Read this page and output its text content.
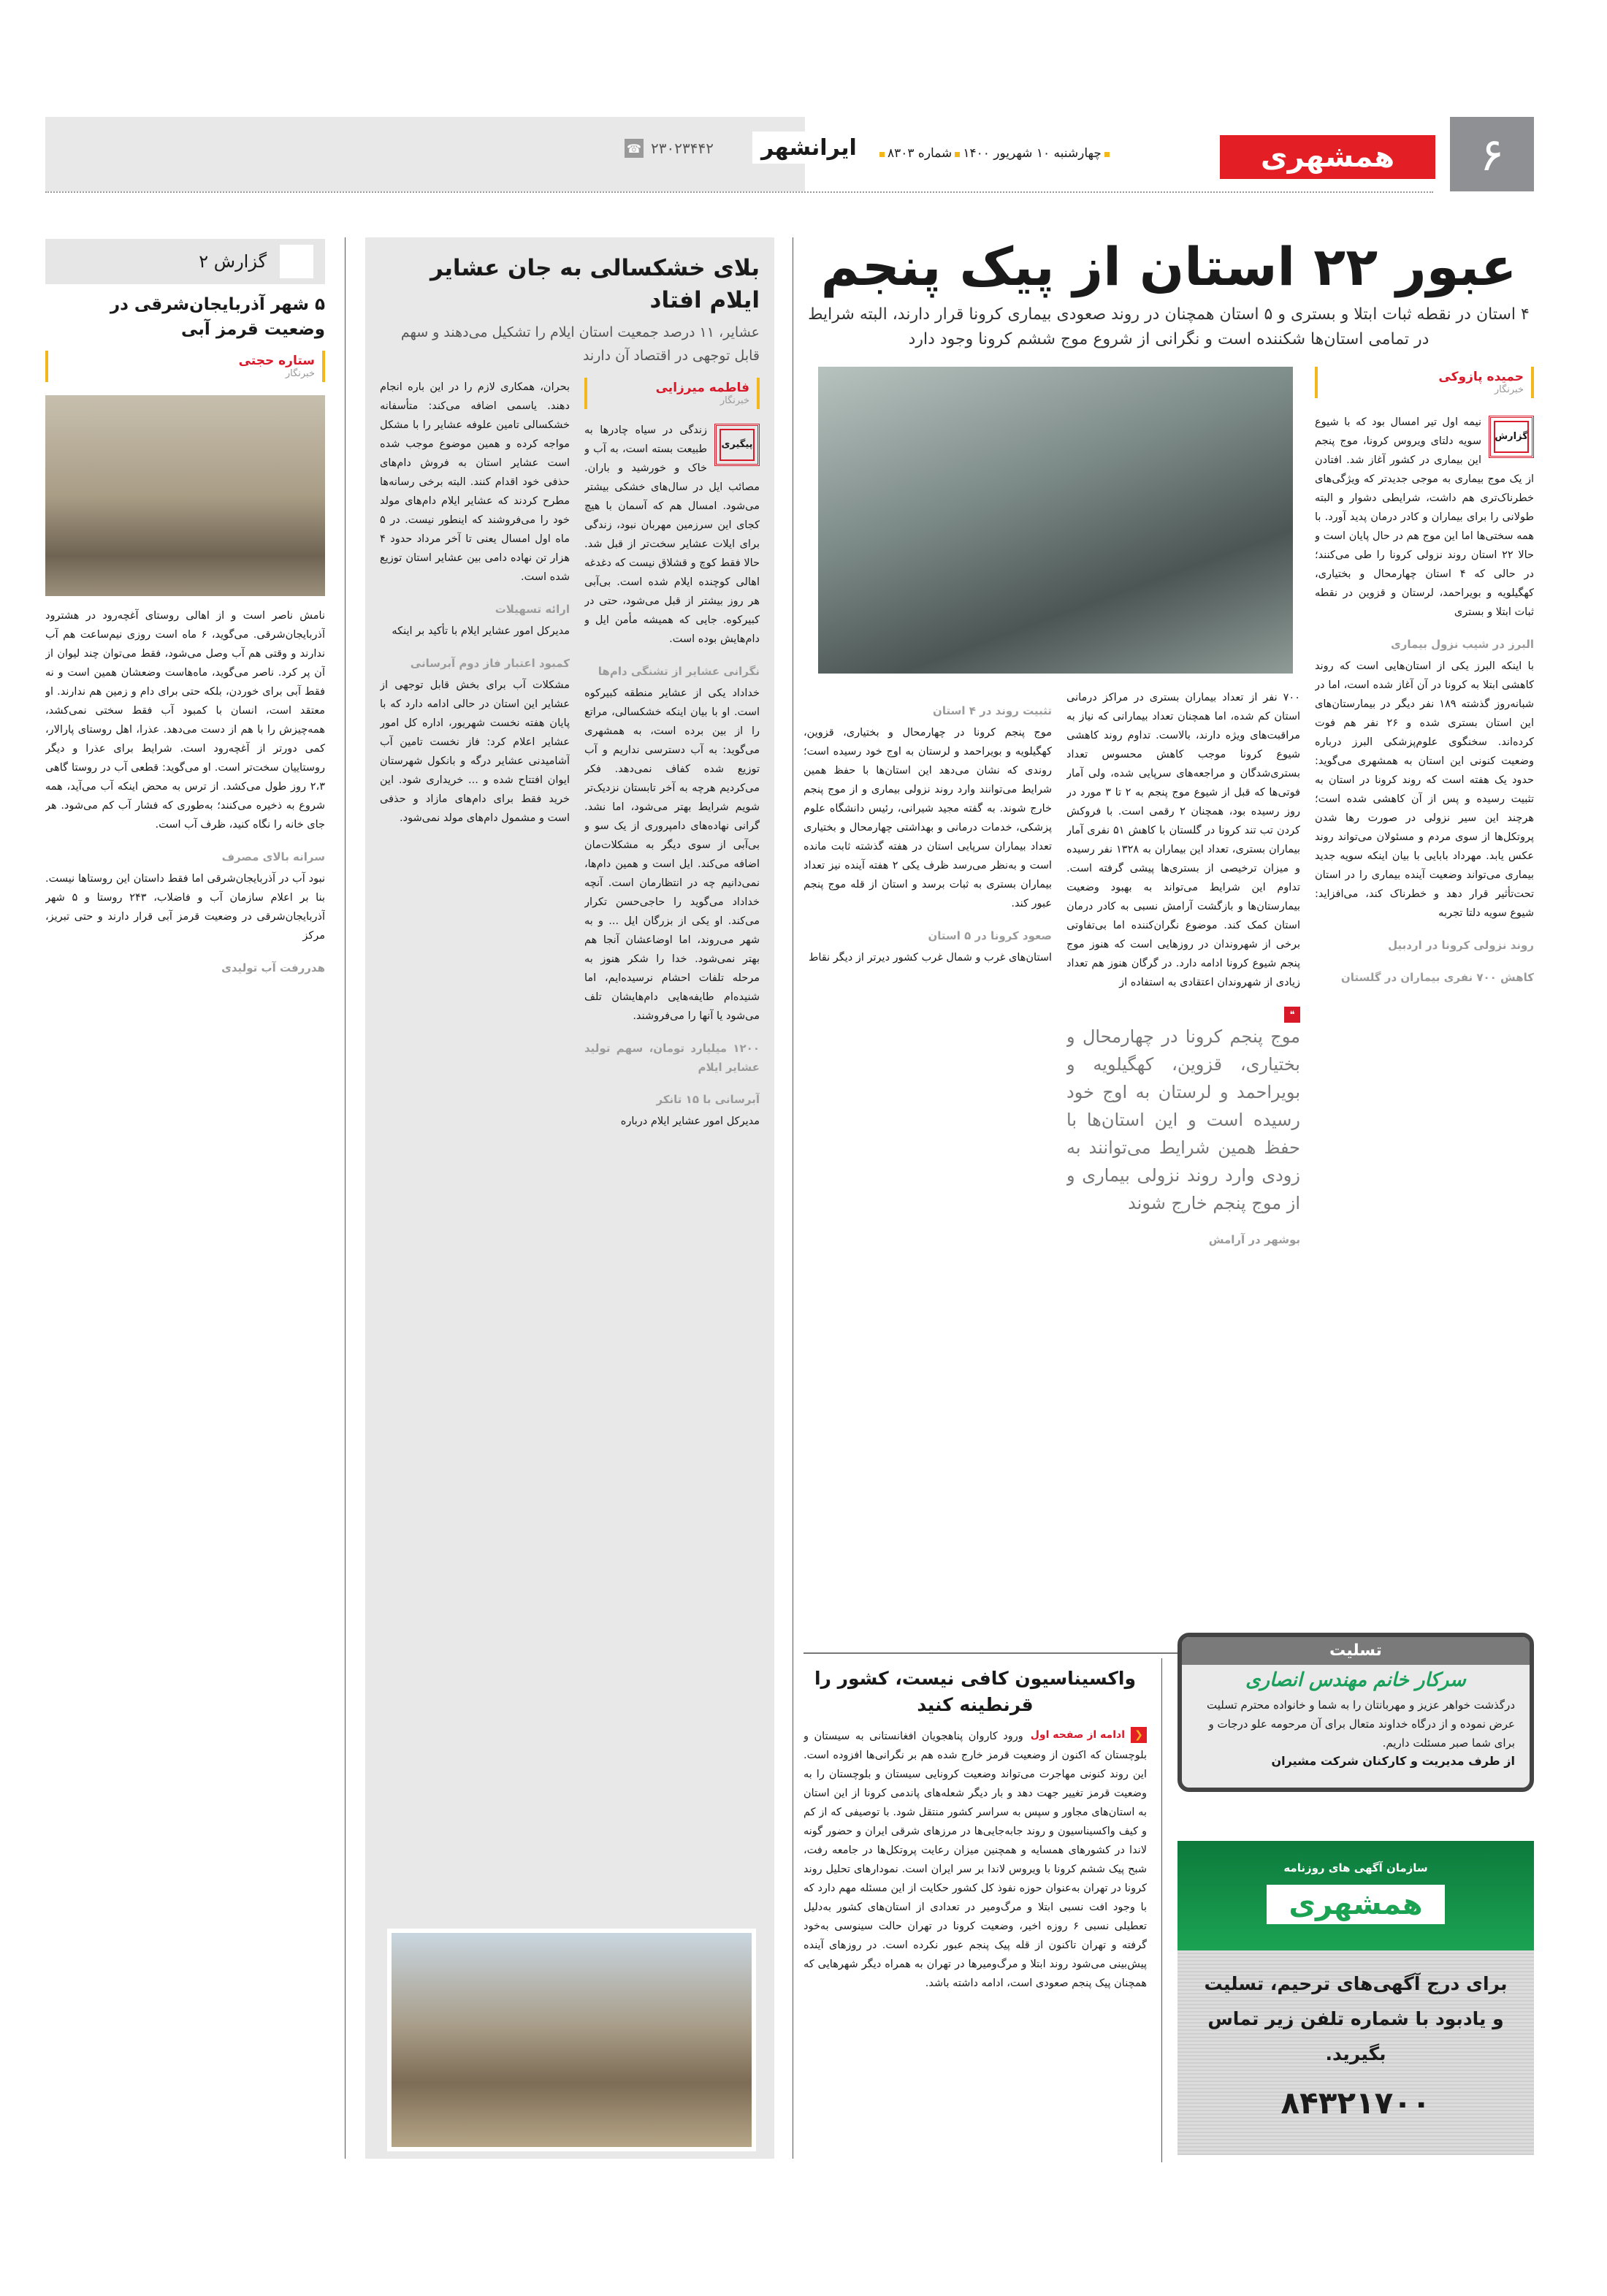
۶
همشهری
چهارشنبه ۱۰ شهریور ۱۴۰۰شماره ۸۳۰۳
ایرانشهر
☎ ۲۳۰۲۳۴۴۲
عبور ۲۲ استان از پیک پنجم
۴ استان در نقطه ثبات ابتلا و بستری و ۵ استان همچنان در روند صعودی بیماری کرونا قرار دارند، البته شرایط در تمامی استان‌ها شکننده است و نگرانی از شروع موج ششم کرونا وجود دارد
حمیده پازوکی
خبرنگار
گزارش

نیمه اول تیر امسال بود که با شیوع سویه دلتای ویروس کرونا، موج پنجم این بیماری در کشور آغاز شد. افتادن از یک موج بیماری به موجی جدیدتر که ویژگی‌های خطرناک‌تری هم داشت، شرایطی دشوار و البته طولانی را برای بیماران و کادر درمان پدید آورد. با همه سختی‌ها اما این موج هم در حال پایان است و حالا ۲۲ استان روند نزولی کرونا را طی می‌کنند؛ در حالی که ۴ استان چهارمحال و بختیاری، کهگیلویه و بویراحمد، لرستان و قزوین در نقطه ثبات ابتلا و بستری

البرز در شیب نزول بیماری

با اینکه البرز یکی از استان‌هایی است که روند کاهشی ابتلا به کرونا در آن آغاز شده است، اما در شبانه‌روز گذشته ۱۸۹ نفر دیگر در بیمارستان‌های این استان بستری شده و ۲۶ نفر هم فوت کرده‌اند. سخنگوی علوم‌پزشکی البرز درباره وضعیت کنونی این استان به همشهری می‌گوید: حدود یک هفته است که روند کرونا در استان به تثبیت رسیده و پس از آن کاهشی شده است؛ هرچند این سیر نزولی در صورت رها شدن پروتکل‌ها از سوی مردم و مسئولان می‌تواند روند عکس یابد. مهرداد بابایی با بیان اینکه سویه جدید بیماری می‌تواند وضعیت آینده بیماری را در استان تحت‌تأثیر قرار دهد و خطرناک کند، می‌افزاید: شیوع سویه دلتا تجربه

روند نزولی کرونا در اردبیل
کاهش ۷۰۰ نفری بیماران در گلستان

۷۰۰ نفر از تعداد بیماران بستری در مراکز درمانی استان کم شده، اما همچنان تعداد بیمارانی که نیاز به مراقبت‌های ویژه دارند، بالاست. تداوم روند کاهشی شیوع کرونا موجب کاهش محسوس تعداد بستری‌شدگان و مراجعه‌های سرپایی شده، ولی آمار فوتی‌ها که قبل از شیوع موج پنجم به ۲ تا ۳ مورد در روز رسیده بود، همچنان ۲ رقمی است. با فروکش کردن تب تند کرونا در گلستان با کاهش ۵۱ نفری آمار بیماران بستری، تعداد این بیماران به ۱۳۲۸ نفر رسیده و میزان ترخیصی از بستری‌ها پیشی گرفته است. تداوم این شرایط می‌تواند به بهبود وضعیت بیمارستان‌ها و بازگشت آرامش نسبی به کادر درمان استان کمک کند. موضوع نگران‌کننده اما بی‌تفاوتی برخی از شهروندان در روزهایی است که هنوز موج پنجم شیوع کرونا ادامه دارد. در گرگان هنوز هم تعداد زیادی از شهروندان اعتقادی به استفاده از

❝
موج پنجم کرونا در چهارمحال و بختیاری، قزوین، کهگیلویه و بویراحمد و لرستان به اوج خود رسیده است و این استان‌ها با حفظ همین شرایط می‌توانند به زودی وارد روند نزولی بیماری و از موج پنجم خارج شوند
بوشهر در آرامش
تثبیت روند در ۴ استان

موج پنجم کرونا در چهارمحال و بختیاری، قزوین، کهگیلویه و بویراحمد و لرستان به اوج خود رسیده است؛ روندی که نشان می‌دهد این استان‌ها با حفظ همین شرایط می‌توانند وارد روند نزولی بیماری و از موج پنجم خارج شوند. به گفته مجید شیرانی، رئیس دانشگاه علوم پزشکی، خدمات درمانی و بهداشتی چهارمحال و بختیاری تعداد بیماران سرپایی استان در هفته گذشته ثابت مانده است و به‌نظر می‌رسد ظرف یکی ۲ هفته آینده نیز تعداد بیماران بستری به ثبات برسد و استان از قله موج پنجم عبور کند.

صعود کرونا در ۵ استان

استان‌های غرب و شمال غرب کشور دیرتر از دیگر نقاط

واکسیناسیون کافی نیست، کشور را قرنطینه کنید
❮
ادامه از صفحه اول

ورود کاروان پناهجویان افغانستانی به سیستان و بلوچستان که اکنون از وضعیت قرمز خارج شده هم بر نگرانی‌ها افزوده است. این روند کنونی مهاجرت می‌تواند وضعیت کرونایی سیستان و بلوچستان را به وضعیت قرمز تغییر جهت دهد و بار دیگر شعله‌های پاندمی کرونا از این استان به استان‌های مجاور و سپس به سراسر کشور منتقل شود. با توصیفی که از کم و کیف واکسیناسیون و روند جابه‌جایی‌ها در مرزهای شرقی ایران و حضور گونه لاندا در کشورهای همسایه و همچنین میزان رعایت پروتکل‌ها در جامعه رفت، شبح پیک ششم کرونا با ویروس لاندا بر سر ایران است. نمودارهای تحلیل روند کرونا در تهران به‌عنوان حوزه نفوذ کل کشور حکایت از این مسئله مهم دارد که با وجود افت نسبی ابتلا و مرگ‌ومیر در تعدادی از استان‌های کشور به‌دلیل تعطیلی نسبی ۶ روزه اخیر، وضعیت کرونا در تهران حالت سینوسی به‌خود گرفته و تهران تاکنون از قله پیک پنجم عبور نکرده است. در روزهای آینده پیش‌بینی می‌شود روند ابتلا و مرگ‌ومیرها در تهران به همراه دیگر شهرهایی که همچنان پیک پنجم صعودی است، ادامه داشته باشد.

تسلیت
سرکار خانم مهندس انصاری
درگذشت خواهر عزیز و مهربانتان را به شما و خانواده محترم تسلیت عرض نموده و از درگاه خداوند متعال برای آن مرحومه علو درجات و برای شما صبر مسئلت داریم.
از طرف مدیریت و کارکنان شرکت مشیران
سازمان آگهی های روزنامه
همشهری
برای درج آگهی‌های ترحیم، تسلیت و یادبود با شماره تلفن زیر تماس بگیرید.
۸۴۳۲۱۷۰۰
بلای خشکسالی به جان عشایر ایلام افتاد
عشایر، ۱۱ درصد جمعیت استان ایلام را تشکیل می‌دهند و سهم قابل توجهی در اقتصاد آن دارند
فاطمه میرزایی
خبرنگار
پیگیری

زندگی در سیاه چادرها به طبیعت بسته است، به آب و خاک و خورشید و باران. مصائب ایل در سال‌های خشکی بیشتر می‌شود. امسال هم که آسمان با هیچ کجای این سرزمین مهربان نبود، زندگی برای ایلات عشایر سخت‌تر از قبل شد. حالا فقط کوچ و قشلاق نیست که دغدغه اهالی کوچنده ایلام شده است. بی‌آبی هر روز بیشتر از قبل می‌شود، حتی در کبیرکوه. جایی که همیشه مأمن ایل و دام‌هایش بوده است.

نگرانی عشایر از تشنگی دام‌ها

خداداد یکی از عشایر منطقه کبیرکوه است. او با بیان اینکه خشکسالی، مراتع را از بین برده است، به همشهری می‌گوید: به آب دسترسی نداریم و آب توزیع شده کفاف نمی‌دهد. فکر می‌کردیم هرچه به آخر تابستان نزدیک‌تر شویم شرایط بهتر می‌شود، اما نشد. گرانی نهاده‌های دامپروری از یک سو و بی‌آبی از سوی دیگر به مشکلات‌مان اضافه می‌کند. ایل است و همین دام‌ها، نمی‌دانیم چه در انتظارمان است. آنچه خداداد می‌گوید را حاجی‌حسن تکرار می‌کند. او یکی از بزرگان ایل ... و به شهر می‌روند، اما اوضاعشان آنجا هم بهتر نمی‌شود. خدا را شکر هنوز به مرحله تلفات احشام نرسیده‌ایم، اما شنیده‌ام طایفه‌هایی دام‌هایشان تلف می‌شود یا آنها را می‌فروشند.

۱۲۰۰ میلیارد تومان، سهم تولید عشایر ایلام
آبرسانی با ۱۵ تانکر

مدیرکل امور عشایر ایلام درباره

بحران، همکاری لازم را در این باره انجام دهند. یاسمی اضافه می‌کند: متأسفانه خشکسالی تامین علوفه عشایر را با مشکل مواجه کرده و همین موضوع موجب شده است عشایر استان به فروش دام‌های حذفی خود اقدام کنند. البته برخی رسانه‌ها مطرح کردند که عشایر ایلام دام‌های مولد خود را می‌فروشند که اینطور نیست. در ۵ ماه اول امسال یعنی تا آخر مرداد حدود ۴ هزار تن نهاده دامی بین عشایر استان توزیع شده است.

ارائه تسهیلات

مدیرکل امور عشایر ایلام با تأکید بر اینکه

کمبود اعتبار فاز دوم آبرسانی

مشکلات آب برای بخش قابل توجهی از عشایر این استان در حالی ادامه دارد که با پایان هفته نخست شهریور، اداره کل امور عشایر اعلام کرد: فاز نخست تامین آب آشامیدنی عشایر درگه و بانکول شهرستان ایوان افتتاح شده و ... خریداری شود. این خرید فقط برای دام‌های مازاد و حذفی است و مشمول دام‌های مولد نمی‌شود.

گزارش ۲
۵ شهر آذربایجان‌شرقی در وضعیت قرمز آبی
ستاره حجتی
خبرنگار

نامش ناصر است و از اهالی روستای آغچه‌رود در هشترود آذربایجان‌شرقی. می‌گوید، ۶ ماه است روزی نیم‌ساعت هم آب ندارند و وقتی هم آب وصل می‌شود، فقط می‌توان چند لیوان از آن پر کرد. ناصر می‌گوید، ماه‌هاست وضعشان همین است و نه فقط آبی برای خوردن، بلکه حتی برای دام و زمین هم ندارند. او معتقد است، انسان با کمبود آب فقط سختی نمی‌کشد، همه‌چیزش را با هم از دست می‌دهد. عذرا، اهل روستای پارالار، کمی دورتر از آغچه‌رود است. شرایط برای عذرا و دیگر روستاییان سخت‌تر است. او می‌گوید: قطعی آب در روستا گاهی ۲،۳ روز طول می‌کشد. از ترس به محض اینکه آب می‌آید، همه شروع به ذخیره می‌کنند؛ به‌طوری که فشار آب کم می‌شود. هر جای خانه را نگاه کنید، ظرف آب است.

سرانه بالای مصرف

نبود آب در آذربایجان‌شرقی اما فقط داستان این روستاها نیست. بنا بر اعلام سازمان آب و فاضلاب، ۲۴۳ روستا و ۵ شهر آذربایجان‌شرقی در وضعیت قرمز آبی قرار دارند و حتی تبریز، مرکز

هدررفت آب تولیدی
